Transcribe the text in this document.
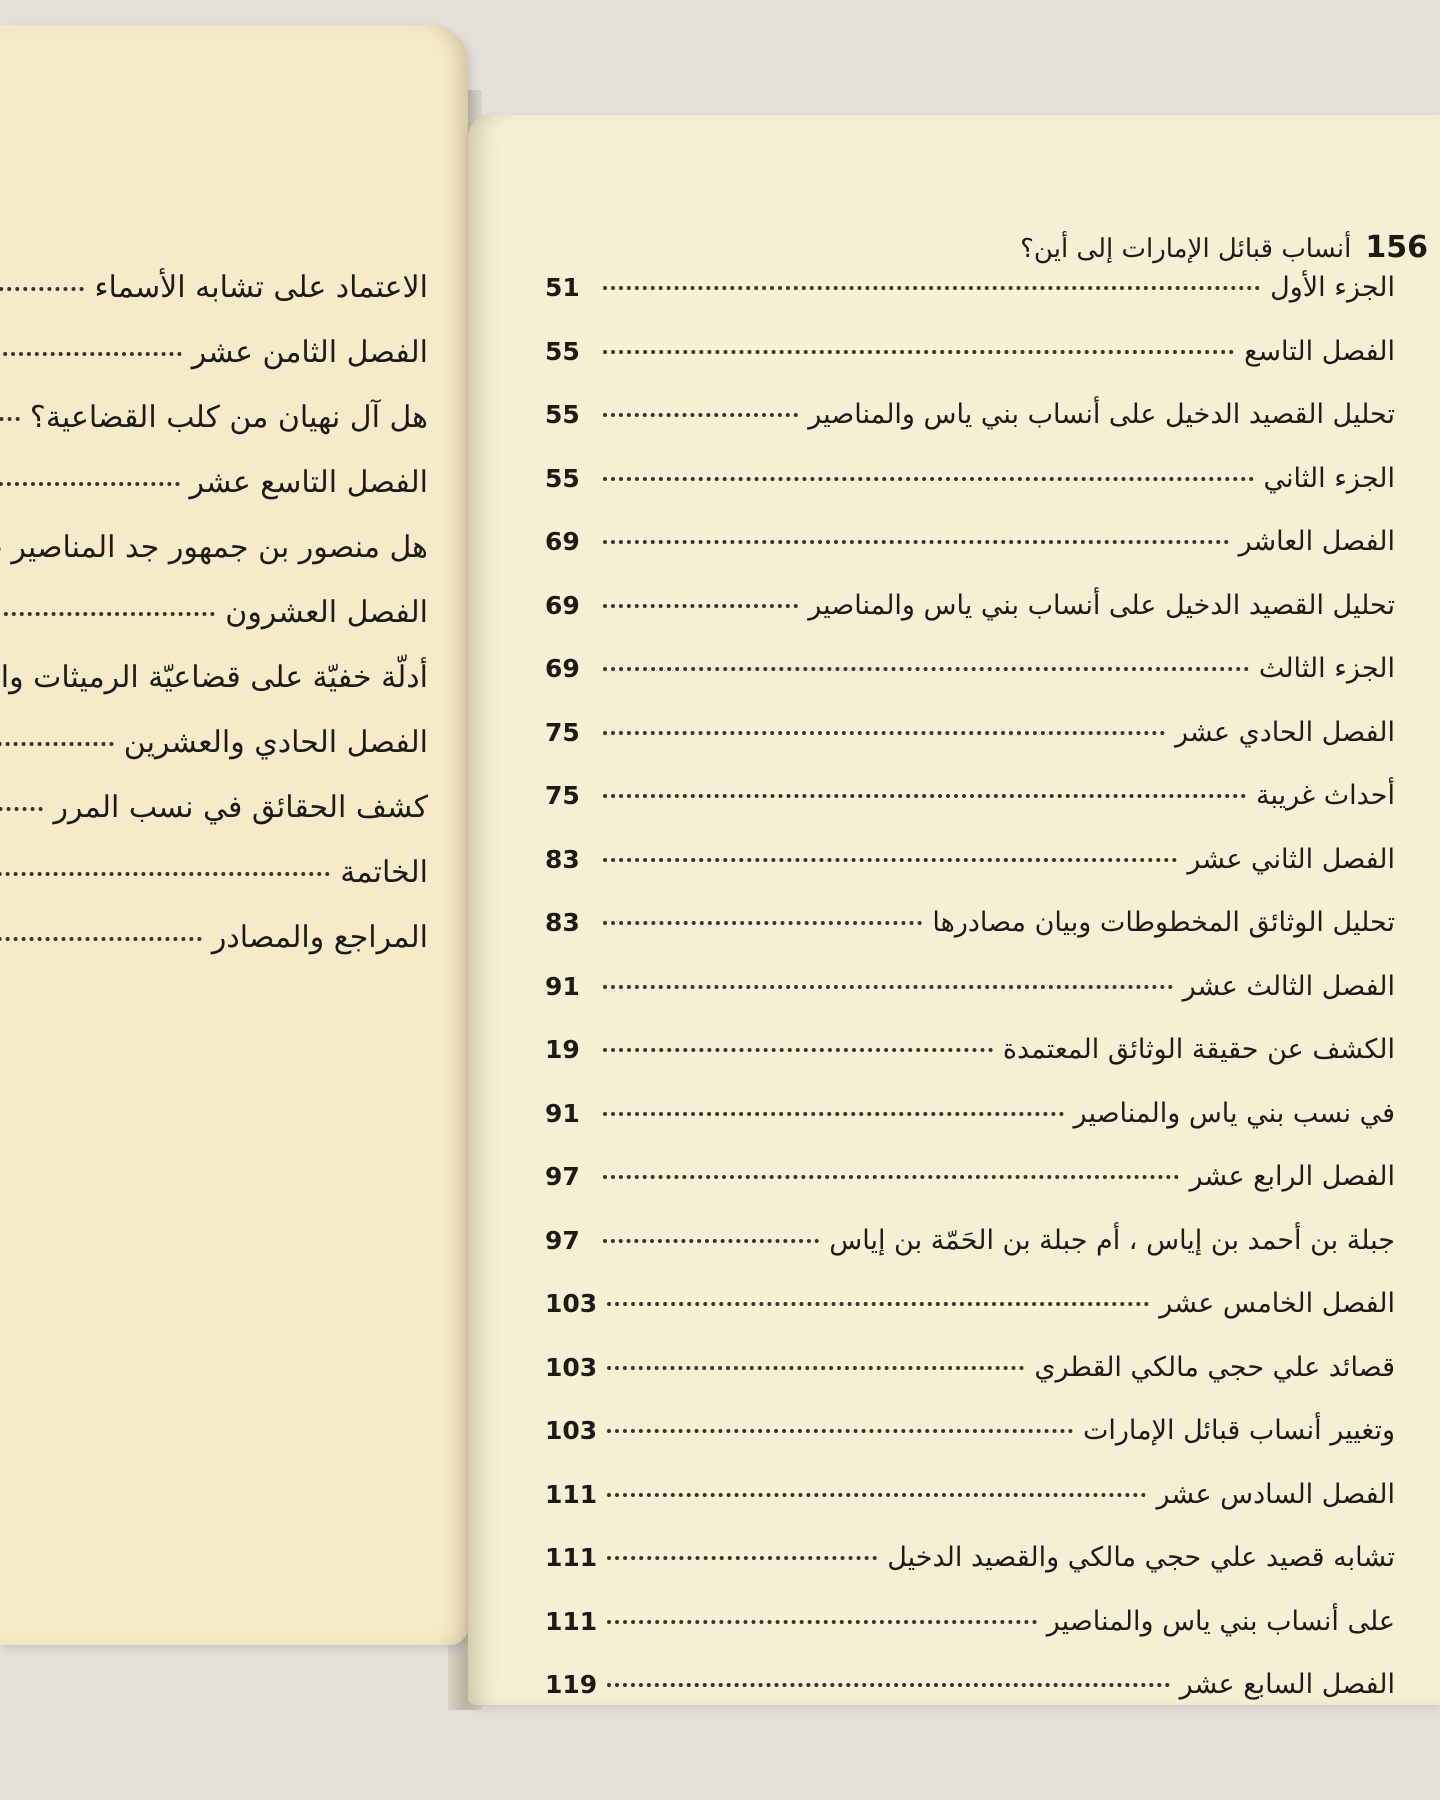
الاعتماد على تشابه الأسماء
الفصل الثامن عشر
هل آل نهيان من كلب القضاعية؟
الفصل التاسع عشر
هل منصور بن جمهور جد المناصير
الفصل العشرون
أدلّة خفيّة على قضاعيّة الرميثات وا
الفصل الحادي والعشرين
كشف الحقائق في نسب المرر
الخاتمة
المراجع والمصادر
156
أنساب قبائل الإمارات إلى أين؟
الجزء الأول
51
الفصل التاسع
55
تحليل القصيد الدخيل على أنساب بني ياس والمناصير
55
الجزء الثاني
55
الفصل العاشر
69
تحليل القصيد الدخيل على أنساب بني ياس والمناصير
69
الجزء الثالث
69
الفصل الحادي عشر
75
أحداث غريبة
75
الفصل الثاني عشر
83
تحليل الوثائق المخطوطات وبيان مصادرها
83
الفصل الثالث عشر
91
الكشف عن حقيقة الوثائق المعتمدة
19
في نسب بني ياس والمناصير
91
الفصل الرابع عشر
97
جبلة بن أحمد بن إياس ، أم جبلة بن الحَمّة بن إياس
97
الفصل الخامس عشر
103
قصائد علي حجي مالكي القطري
103
وتغيير أنساب قبائل الإمارات
103
الفصل السادس عشر
111
تشابه قصيد علي حجي مالكي والقصيد الدخيل
111
على أنساب بني ياس والمناصير
111
الفصل السابع عشر
119
